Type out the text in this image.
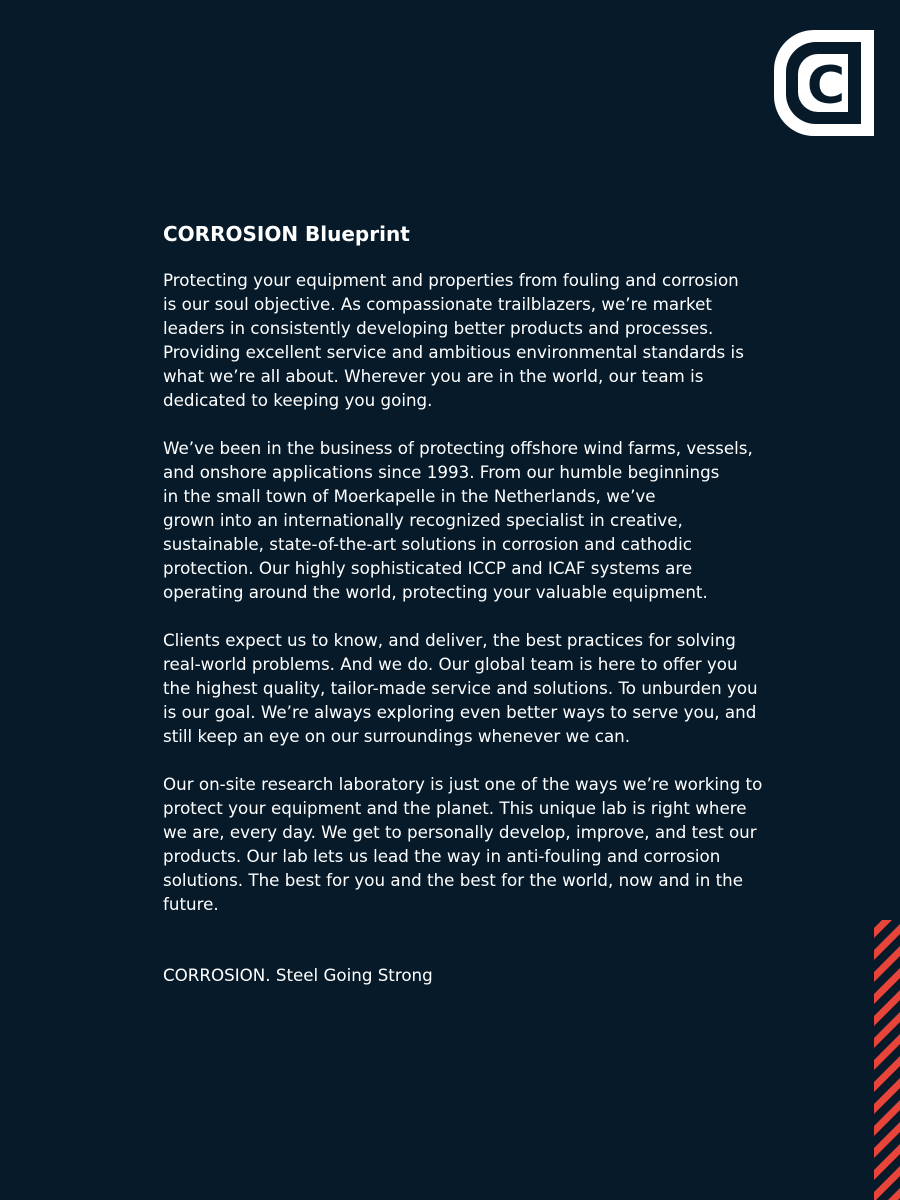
C
CORROSION Blueprint

Protecting your equipment and properties from fouling and corrosion
is our soul objective. As compassionate trailblazers, we’re market
leaders in consistently developing better products and processes.
Providing excellent service and ambitious environmental standards is
what we’re all about. Wherever you are in the world, our team is
dedicated to keeping you going.

We’ve been in the business of protecting offshore wind farms, vessels,
and onshore applications since 1993. From our humble beginnings
in the small town of Moerkapelle in the Netherlands, we’ve
grown into an internationally recognized specialist in creative,
sustainable, state-of-the-art solutions in corrosion and cathodic
protection. Our highly sophisticated ICCP and ICAF systems are
operating around the world, protecting your valuable equipment.

Clients expect us to know, and deliver, the best practices for solving
real-world problems. And we do. Our global team is here to offer you
the highest quality, tailor-made service and solutions. To unburden you
is our goal. We’re always exploring even better ways to serve you, and
still keep an eye on our surroundings whenever we can.

Our on-site research laboratory is just one of the ways we’re working to
protect your equipment and the planet. This unique lab is right where
we are, every day. We get to personally develop, improve, and test our
products. Our lab lets us lead the way in anti-fouling and corrosion
solutions. The best for you and the best for the world, now and in the
future.

CORROSION. Steel Going Strong
